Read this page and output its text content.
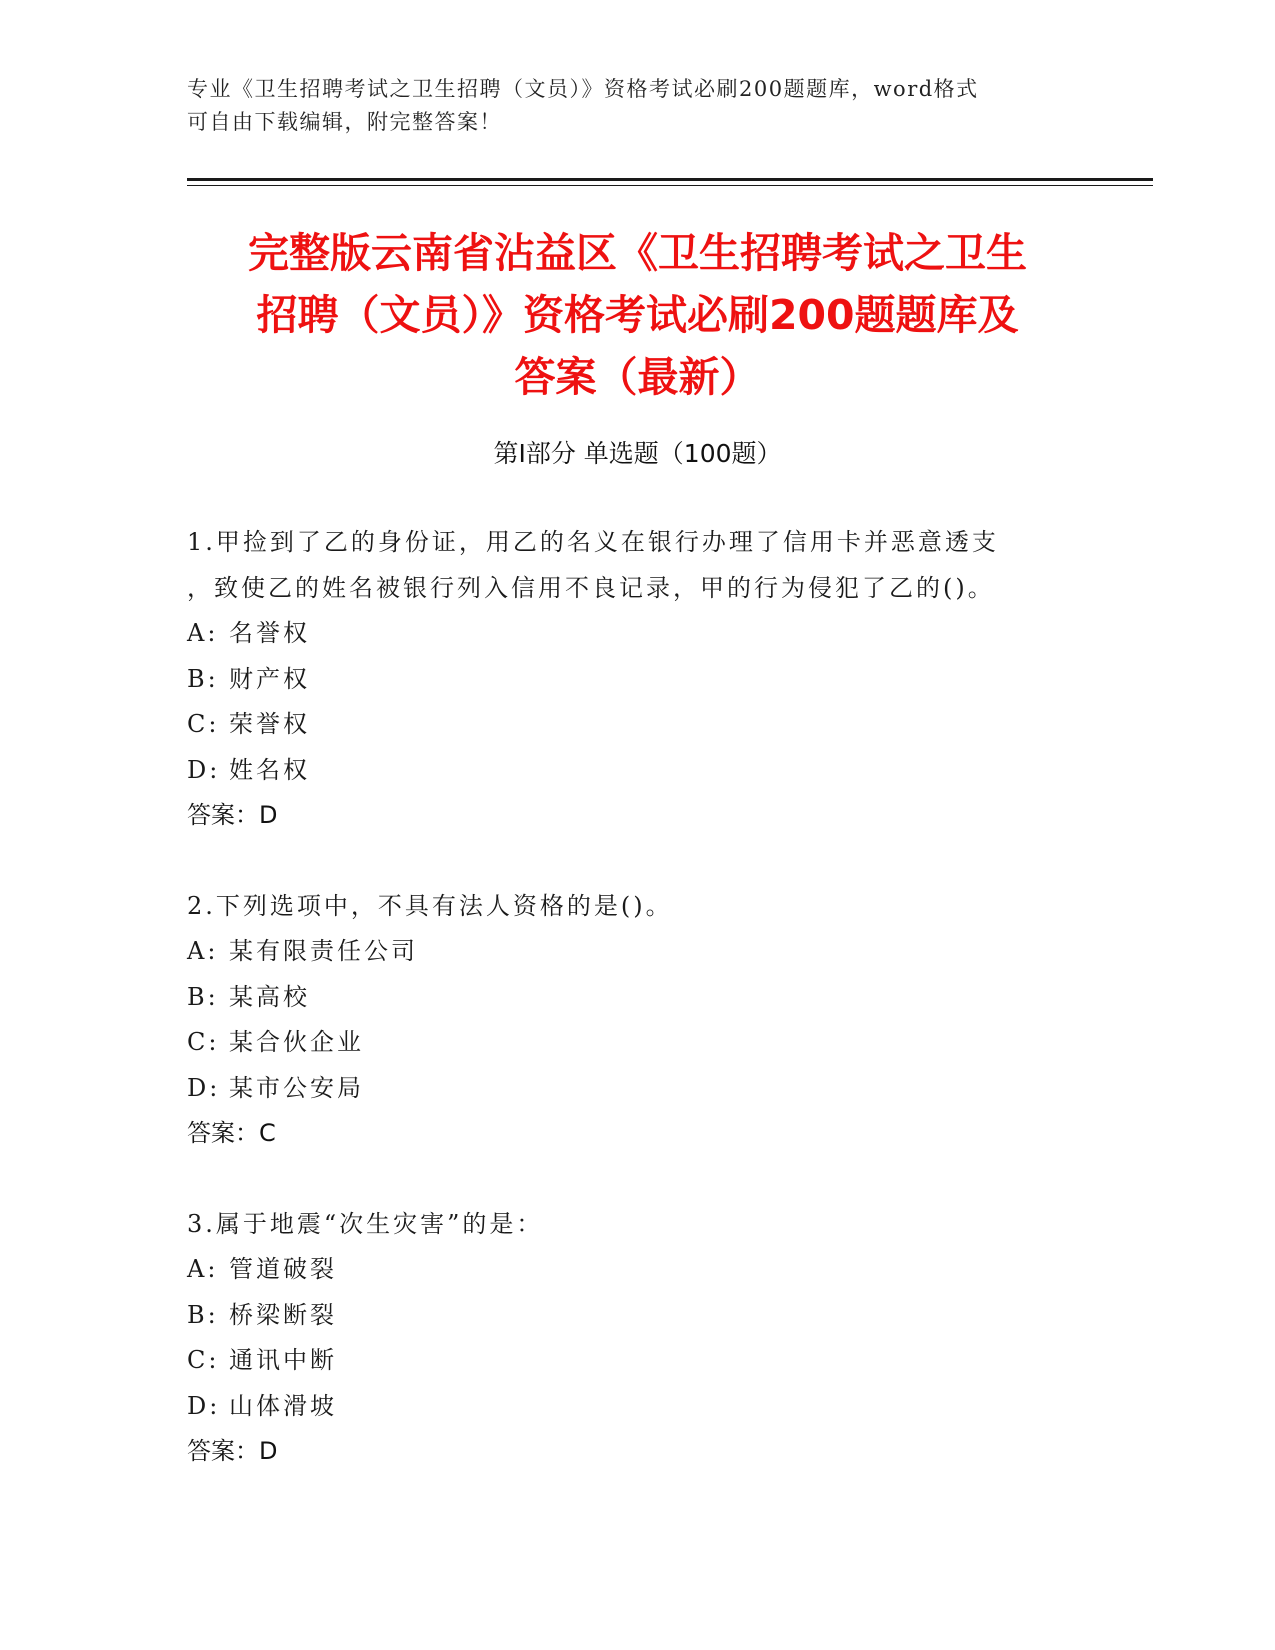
专业《卫生招聘考试之卫生招聘（文员）》资格考试必刷200题题库，word格式
可自由下载编辑，附完整答案！
完整版云南省沾益区《卫生招聘考试之卫生
招聘（文员）》资格考试必刷200题题库及
答案（最新）
第Ⅰ部分 单选题（100题）
1.甲捡到了乙的身份证，用乙的名义在银行办理了信用卡并恶意透支
，致使乙的姓名被银行列入信用不良记录，甲的行为侵犯了乙的()。
A: 名誉权
B: 财产权
C: 荣誉权
D: 姓名权
答案：D
2.下列选项中，不具有法人资格的是()。
A: 某有限责任公司
B: 某高校
C: 某合伙企业
D: 某市公安局
答案：C
3.属于地震“次生灾害”的是：
A: 管道破裂
B: 桥梁断裂
C: 通讯中断
D: 山体滑坡
答案：D
